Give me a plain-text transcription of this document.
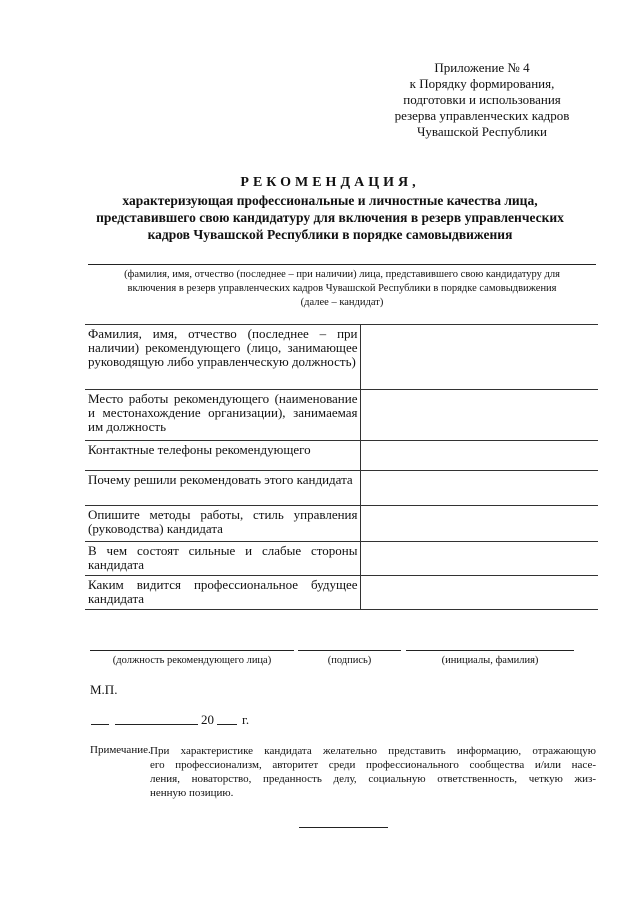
Приложение № 4
к Порядку формирования,
подготовки и использования
резерва управленческих кадров
Чувашской Республики
РЕКОМЕНДАЦИЯ,
характеризующая профессиональные и личностные качества лица,
представившего свою кандидатуру для включения в резерв управленческих
кадров Чувашской Республики в порядке самовыдвижения
(фамилия, имя, отчество (последнее – при наличии) лица, представившего свою кандидатуру для
включения в резерв управленческих кадров Чувашской Республики в порядке самовыдвижения
(далее – кандидат)
Фамилия, имя, отчество (последнее – при наличии) рекомендующего (лицо, занимающее руководящую либо управленческую должность)	
Место работы рекомендующего (наименование и местонахождение организации), занимаемая им должность	
Контактные телефоны рекомендующего	
Почему решили рекомендовать этого кандидата	
Опишите методы работы, стиль управления (руководства) кандидата	
В чем состоят сильные и слабые стороны кандидата	
Каким видится профессиональное будущее кандидата	
(должность рекомендующего лица)	(подпись)	(инициалы, фамилия)
М.П.
20 г.
Примечание. При характеристике кандидата желательно представить информацию, отражающую
его профессионализм, авторитет среди профессионального сообщества и/или насе-
ления, новаторство, преданность делу, социальную ответственность, четкую жиз-
ненную позицию.
